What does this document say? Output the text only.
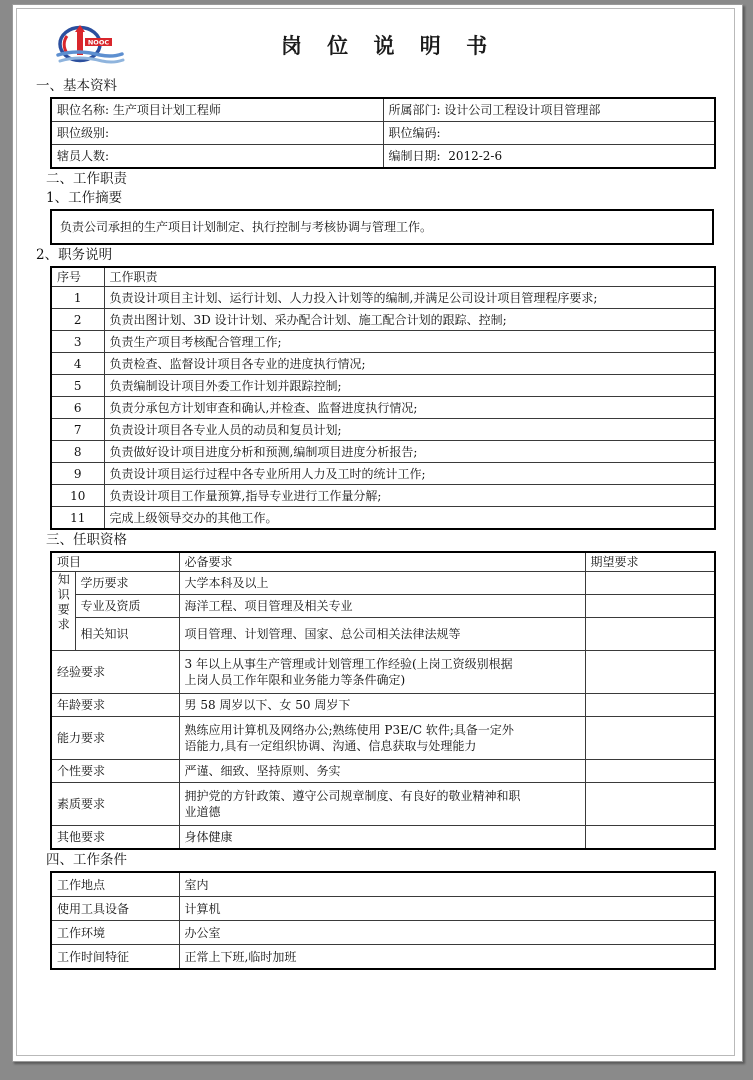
NOOC	岗 位 说 明 书
一、基本资料
职位名称: 生产项目计划工程师	所属部门: 设计公司工程设计项目管理部
职位级别:	职位编码:
辖员人数:	编制日期: 2012-2-6
二、工作职责
1、工作摘要
负责公司承担的生产项目计划制定、执行控制与考核协调与管理工作。
2、职务说明
序号	工作职责
1	负责设计项目主计划、运行计划、人力投入计划等的编制,并满足公司设计项目管理程序要求;
2	负责出图计划、3D 设计计划、采办配合计划、施工配合计划的跟踪、控制;
3	负责生产项目考核配合管理工作;
4	负责检查、监督设计项目各专业的进度执行情况;
5	负责编制设计项目外委工作计划并跟踪控制;
6	负责分承包方计划审查和确认,并检查、监督进度执行情况;
7	负责设计项目各专业人员的动员和复员计划;
8	负责做好设计项目进度分析和预测,编制项目进度分析报告;
9	负责设计项目运行过程中各专业所用人力及工时的统计工作;
10	负责设计项目工作量预算,指导专业进行工作量分解;
11	完成上级领导交办的其他工作。
三、任职资格
项目		必备要求	期望要求
知识要求	学历要求	大学本科及以上	
	专业及资质	海洋工程、项目管理及相关专业	
	相关知识	项目管理、计划管理、国家、总公司相关法律法规等	
经验要求		3 年以上从事生产管理或计划管理工作经验(上岗工资级别根据
上岗人员工作年限和业务能力等条件确定)	

年龄要求		男 58 周岁以下、女 50 周岁下	
能力要求		熟练应用计算机及网络办公;熟练使用 P3E/C 软件;具备一定外
语能力,具有一定组织协调、沟通、信息获取与处理能力	

个性要求		严谨、细致、坚持原则、务实	
素质要求		拥护党的方针政策、遵守公司规章制度、有良好的敬业精神和职
业道德	

其他要求		身体健康	
四、工作条件
工作地点	室内
使用工具设备	计算机
工作环境	办公室
工作时间特征	正常上下班,临时加班
